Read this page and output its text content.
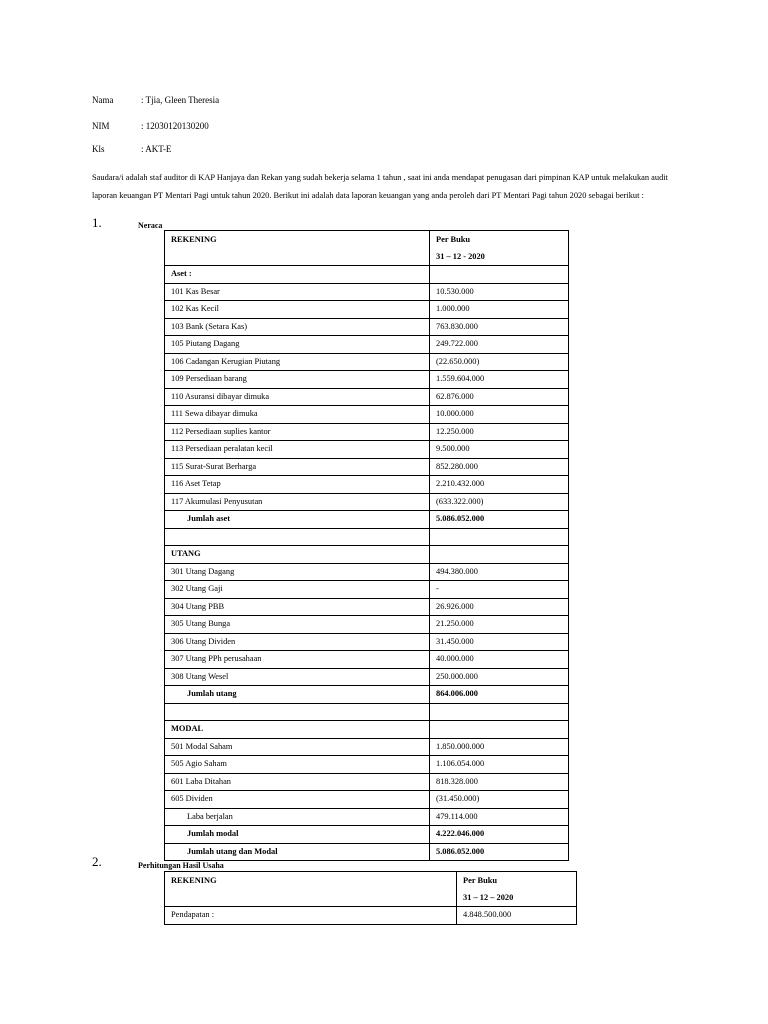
Nama	: Tjia, Gleen Theresia
NIM	: 12030120130200
Kls	: AKT-E
Saudara/i adalah staf auditor di KAP Hanjaya dan Rekan yang sudah bekerja selama 1 tahun , saat ini anda mendapat penugasan dari pimpinan KAP untuk melakukan audit laporan keuangan PT Mentari Pagi untuk tahun 2020. Berikut ini adalah data laporan keuangan yang anda peroleh dari PT Mentari Pagi tahun 2020 sebagai berikut :
1.	Neraca
REKENING	Per Buku
31 – 12 - 2020

Aset :	
101 Kas Besar	10.530.000
102 Kas Kecil	1.000.000
103 Bank (Setara Kas)	763.830.000
105 Piutang Dagang	249.722.000
106 Cadangan Kerugian Piutang	(22.650.000)
109 Persediaan barang	1.559.604.000
110 Asuransi dibayar dimuka	62.876.000
111 Sewa dibayar dimuka	10.000.000
112 Persediaan suplies kantor	12.250.000
113 Persediaan peralatan kecil	9.500.000
115 Surat-Surat Berharga	852.280.000
116 Aset Tetap	2.210.432.000
117 Akumulasi Penyusutan	(633.322.000)
Jumlah aset	5.086.052.000

UTANG	
301 Utang Dagang	494.380.000
302 Utang Gaji	-
304 Utang PBB	26.926.000
305 Utang Bunga	21.250.000
306 Utang Dividen	31.450.000
307 Utang PPh perusahaan	40.000.000
308 Utang Wesel	250.000.000
Jumlah utang	864.006.000

MODAL	
501 Modal Saham	1.850.000.000
505 Agio Saham	1.106.054.000
601 Laba Ditahan	818.328.000
605 Dividen	(31.450.000)
Laba berjalan	479.114.000
Jumlah modal	4.222.046.000
Jumlah utang dan Modal	5.086.052.000
2.	Perhitungan Hasil Usaha
REKENING	Per Buku
31 – 12 – 2020

Pendapatan :	4.848.500.000
